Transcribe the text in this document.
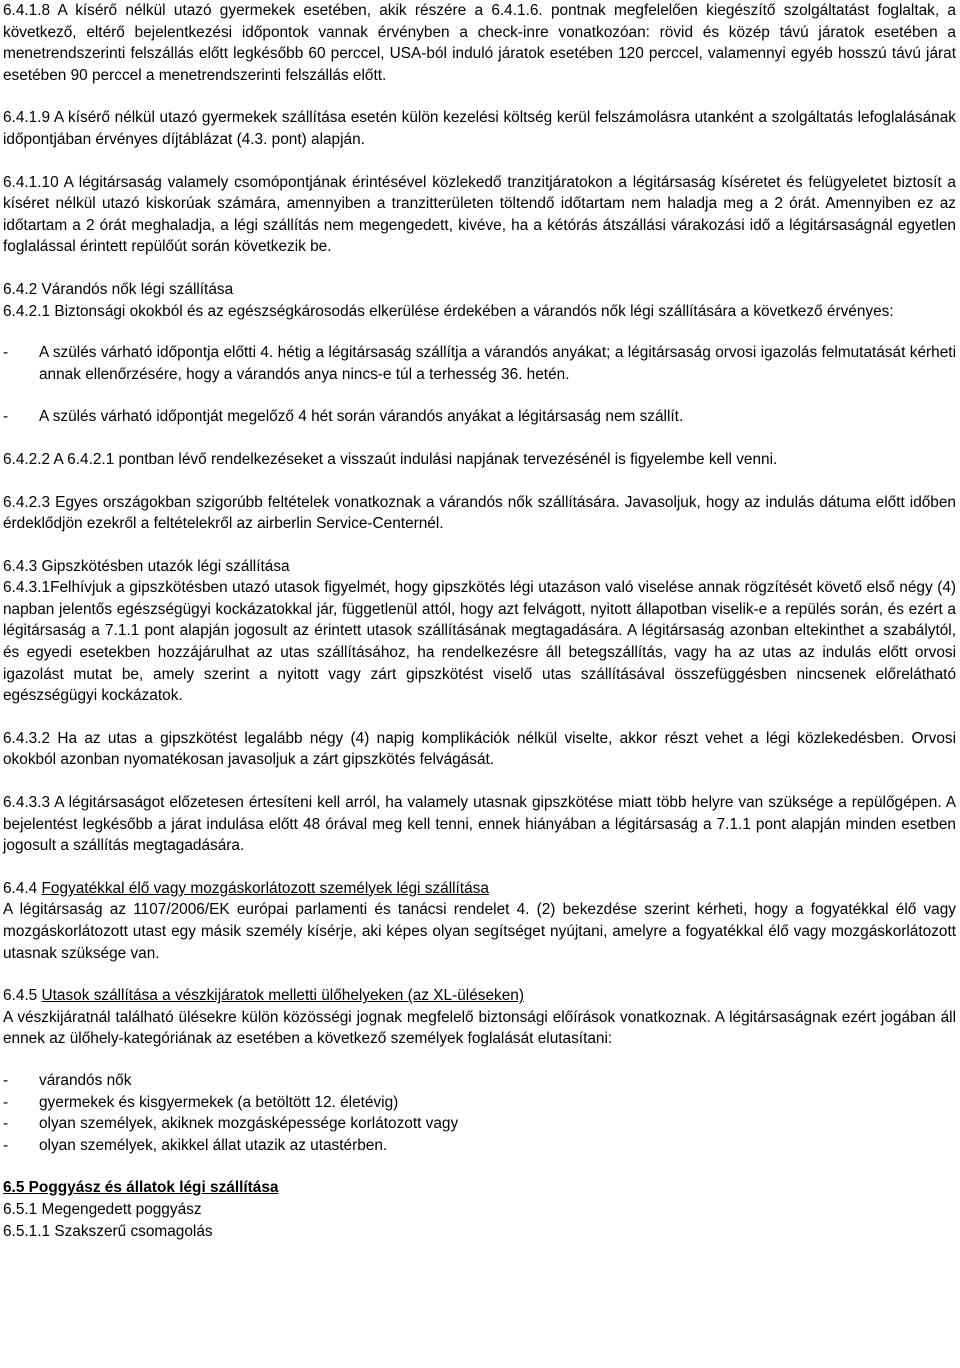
6.4.1.8 A kísérő nélkül utazó gyermekek esetében, akik részére a 6.4.1.6. pontnak megfelelően kiegészítő szolgáltatást foglaltak, a következő, eltérő bejelentkezési időpontok vannak érvényben a check-inre vonatkozóan: rövid és közép távú járatok esetében a menetrendszerinti felszállás előtt legkésőbb 60 perccel, USA-ból induló járatok esetében 120 perccel, valamennyi egyéb hosszú távú járat esetében 90 perccel a menetrendszerinti felszállás előtt.

6.4.1.9 A kísérő nélkül utazó gyermekek szállítása esetén külön kezelési költség kerül felszámolásra utanként a szolgáltatás lefoglalásának időpontjában érvényes díjtáblázat (4.3. pont) alapján.

6.4.1.10 A légitársaság valamely csomópontjának érintésével közlekedő tranzitjáratokon a légitársaság kíséretet és felügyeletet biztosít a kíséret nélkül utazó kiskorúak számára, amennyiben a tranzitterületen töltendő időtartam nem haladja meg a 2 órát. Amennyiben ez az időtartam a 2 órát meghaladja, a légi szállítás nem megengedett, kivéve, ha a kétórás átszállási várakozási idő a légitársaságnál egyetlen foglalással érintett repülőút során következik be.

6.4.2 Várandós nők légi szállítása

6.4.2.1 Biztonsági okokból és az egészségkárosodás elkerülése érdekében a várandós nők légi szállítására a következő érvényes:

- A szülés várható időpontja előtti 4. hétig a légitársaság szállítja a várandós anyákat; a légitársaság orvosi igazolás felmutatását kérheti annak ellenőrzésére, hogy a várandós anya nincs-e túl a terhesség 36. hetén.
- A szülés várható időpontját megelőző 4 hét során várandós anyákat a légitársaság nem szállít.

6.4.2.2 A 6.4.2.1 pontban lévő rendelkezéseket a visszaút indulási napjának tervezésénél is figyelembe kell venni.

6.4.2.3 Egyes országokban szigorúbb feltételek vonatkoznak a várandós nők szállítására. Javasoljuk, hogy az indulás dátuma előtt időben érdeklődjön ezekről a feltételekről az airberlin Service-Centernél.

6.4.3 Gipszkötésben utazók légi szállítása

6.4.3.1Felhívjuk a gipszkötésben utazó utasok figyelmét, hogy gipszkötés légi utazáson való viselése annak rögzítését követő első négy (4) napban jelentős egészségügyi kockázatokkal jár, függetlenül attól, hogy azt felvágott, nyitott állapotban viselik-e a repülés során, és ezért a légitársaság a 7.1.1 pont alapján jogosult az érintett utasok szállításának megtagadására. A légitársaság azonban eltekinthet a szabálytól, és egyedi esetekben hozzájárulhat az utas szállításához, ha rendelkezésre áll betegszállítás, vagy ha az utas az indulás előtt orvosi igazolást mutat be, amely szerint a nyitott vagy zárt gipszkötést viselő utas szállításával összefüggésben nincsenek előrelátható egészségügyi kockázatok.

6.4.3.2 Ha az utas a gipszkötést legalább négy (4) napig komplikációk nélkül viselte, akkor részt vehet a légi közlekedésben. Orvosi okokból azonban nyomatékosan javasoljuk a zárt gipszkötés felvágását.

6.4.3.3 A légitársaságot előzetesen értesíteni kell arról, ha valamely utasnak gipszkötése miatt több helyre van szüksége a repülőgépen. A bejelentést legkésőbb a járat indulása előtt 48 órával meg kell tenni, ennek hiányában a légitársaság a 7.1.1 pont alapján minden esetben jogosult a szállítás megtagadására.

6.4.4 Fogyatékkal élő vagy mozgáskorlátozott személyek légi szállítása

A légitársaság az 1107/2006/EK európai parlamenti és tanácsi rendelet 4. (2) bekezdése szerint kérheti, hogy a fogyatékkal élő vagy mozgáskorlátozott utast egy másik személy kísérje, aki képes olyan segítséget nyújtani, amelyre a fogyatékkal élő vagy mozgáskorlátozott utasnak szüksége van.

6.4.5 Utasok szállítása a vészkijáratok melletti ülőhelyeken (az XL-üléseken)

A vészkijáratnál található ülésekre külön közösségi jognak megfelelő biztonsági előírások vonatkoznak. A légitársaságnak ezért jogában áll ennek az ülőhely-kategóriának az esetében a következő személyek foglalását elutasítani:

- várandós nők
- gyermekek és kisgyermekek (a betöltött 12. életévig)
- olyan személyek, akiknek mozgásképessége korlátozott vagy
- olyan személyek, akikkel állat utazik az utastérben.

6.5 Poggyász és állatok légi szállítása

6.5.1 Megengedett poggyász

6.5.1.1 Szakszerű csomagolás
